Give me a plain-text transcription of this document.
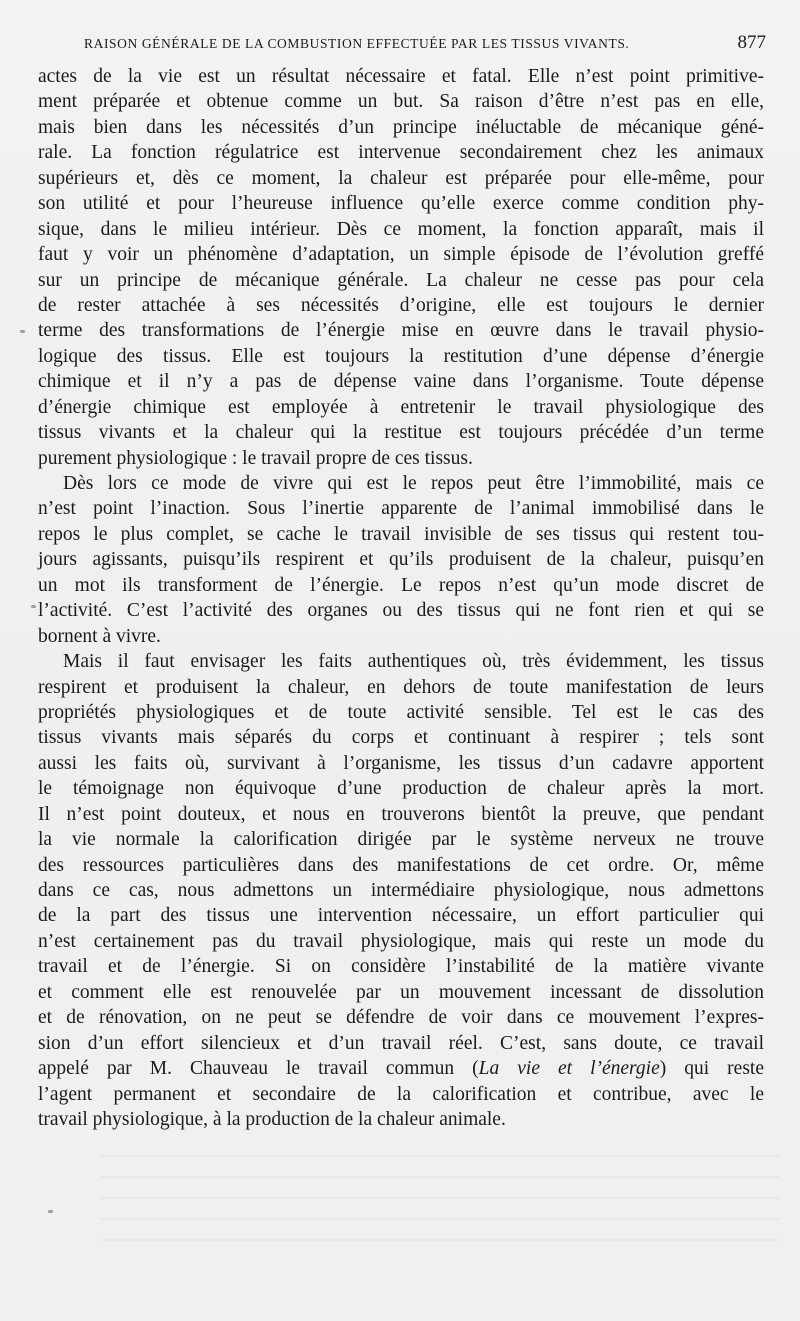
RAISON GÉNÉRALE DE LA COMBUSTION EFFECTUÉE PAR LES TISSUS VIVANTS.	877
actes de la vie est un résultat nécessaire et fatal. Elle n’est point primitive-
ment préparée et obtenue comme un but. Sa raison d’être n’est pas en elle,
mais bien dans les nécessités d’un principe inéluctable de mécanique géné-
rale. La fonction régulatrice est intervenue secondairement chez les animaux
supérieurs et, dès ce moment, la chaleur est préparée pour elle-même, pour
son utilité et pour l’heureuse influence qu’elle exerce comme condition phy-
sique, dans le milieu intérieur. Dès ce moment, la fonction apparaît, mais il
faut y voir un phénomène d’adaptation, un simple épisode de l’évolution greffé
sur un principe de mécanique générale. La chaleur ne cesse pas pour cela
de rester attachée à ses nécessités d’origine, elle est toujours le dernier
terme des transformations de l’énergie mise en œuvre dans le travail physio-
logique des tissus. Elle est toujours la restitution d’une dépense d’énergie
chimique et il n’y a pas de dépense vaine dans l’organisme. Toute dépense
d’énergie chimique est employée à entretenir le travail physiologique des
tissus vivants et la chaleur qui la restitue est toujours précédée d’un terme
purement physiologique : le travail propre de ces tissus.
Dès lors ce mode de vivre qui est le repos peut être l’immobilité, mais ce
n’est point l’inaction. Sous l’inertie apparente de l’animal immobilisé dans le
repos le plus complet, se cache le travail invisible de ses tissus qui restent tou-
jours agissants, puisqu’ils respirent et qu’ils produisent de la chaleur, puisqu’en
un mot ils transforment de l’énergie. Le repos n’est qu’un mode discret de
l’activité. C’est l’activité des organes ou des tissus qui ne font rien et qui se
bornent à vivre.
Mais il faut envisager les faits authentiques où, très évidemment, les tissus
respirent et produisent la chaleur, en dehors de toute manifestation de leurs
propriétés physiologiques et de toute activité sensible. Tel est le cas des
tissus vivants mais séparés du corps et continuant à respirer ; tels sont
aussi les faits où, survivant à l’organisme, les tissus d’un cadavre apportent
le témoignage non équivoque d’une production de chaleur après la mort.
Il n’est point douteux, et nous en trouverons bientôt la preuve, que pendant
la vie normale la calorification dirigée par le système nerveux ne trouve
des ressources particulières dans des manifestations de cet ordre. Or, même
dans ce cas, nous admettons un intermédiaire physiologique, nous admettons
de la part des tissus une intervention nécessaire, un effort particulier qui
n’est certainement pas du travail physiologique, mais qui reste un mode du
travail et de l’énergie. Si on considère l’instabilité de la matière vivante
et comment elle est renouvelée par un mouvement incessant de dissolution
et de rénovation, on ne peut se défendre de voir dans ce mouvement l’expres-
sion d’un effort silencieux et d’un travail réel. C’est, sans doute, ce travail
appelé par M. Chauveau le travail commun (La vie et l’énergie) qui reste
l’agent permanent et secondaire de la calorification et contribue, avec le
travail physiologique, à la production de la chaleur animale.
